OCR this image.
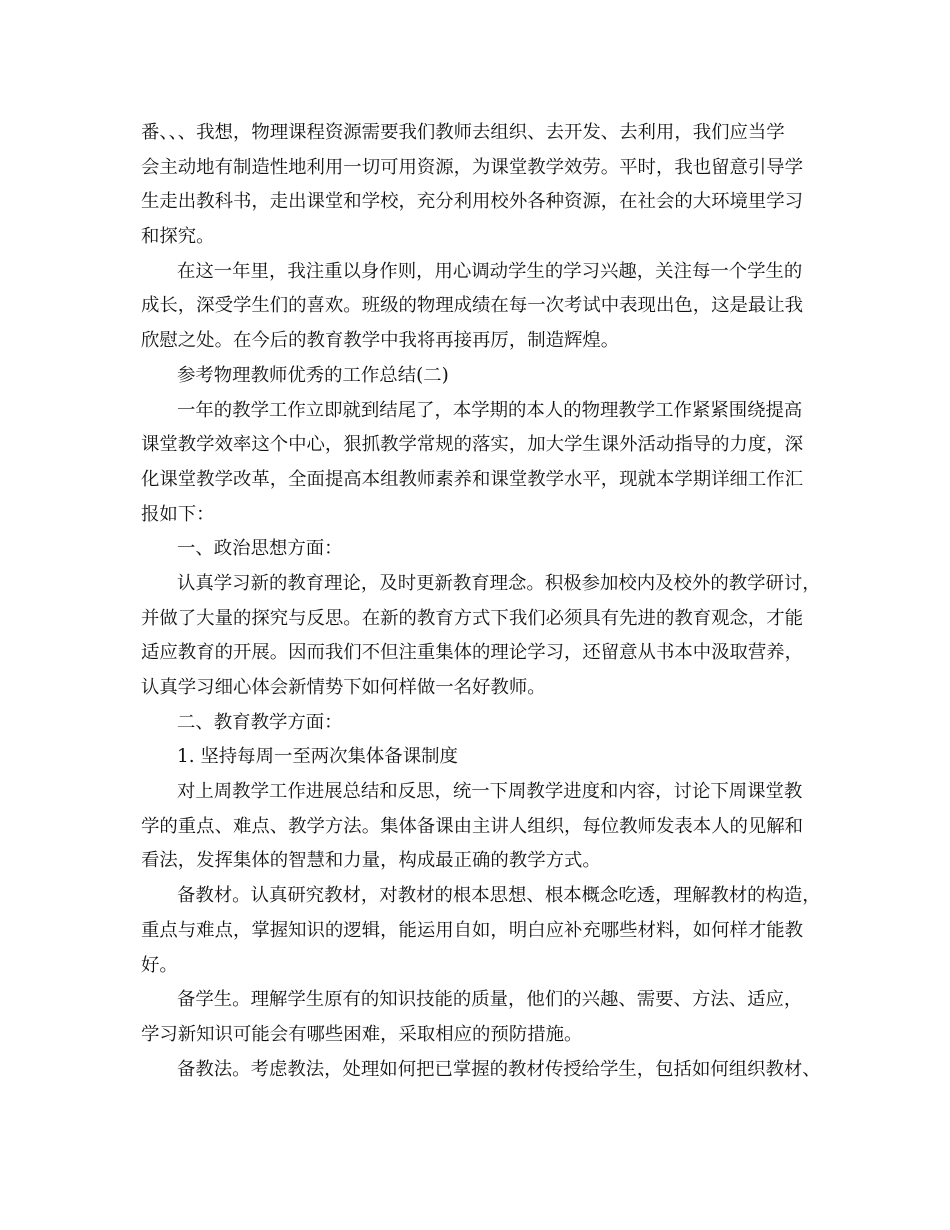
番、、、我想，物理课程资源需要我们教师去组织、去开发、去利用，我们应当学
会主动地有制造性地利用一切可用资源，为课堂教学效劳。平时，我也留意引导学
生走出教科书，走出课堂和学校，充分利用校外各种资源，在社会的大环境里学习
和探究。
在这一年里，我注重以身作则，用心调动学生的学习兴趣，关注每一个学生的
成长，深受学生们的喜欢。班级的物理成绩在每一次考试中表现出色，这是最让我
欣慰之处。在今后的教育教学中我将再接再厉，制造辉煌。
参考物理教师优秀的工作总结(二)
一年的教学工作立即就到结尾了，本学期的本人的物理教学工作紧紧围绕提高
课堂教学效率这个中心，狠抓教学常规的落实，加大学生课外活动指导的力度，深
化课堂教学改革，全面提高本组教师素养和课堂教学水平，现就本学期详细工作汇
报如下：
一、政治思想方面：
认真学习新的教育理论，及时更新教育理念。积极参加校内及校外的教学研讨，
并做了大量的探究与反思。在新的教育方式下我们必须具有先进的教育观念，才能
适应教育的开展。因而我们不但注重集体的理论学习，还留意从书本中汲取营养，
认真学习细心体会新情势下如何样做一名好教师。
二、教育教学方面：
1. 坚持每周一至两次集体备课制度
对上周教学工作进展总结和反思，统一下周教学进度和内容，讨论下周课堂教
学的重点、难点、教学方法。集体备课由主讲人组织，每位教师发表本人的见解和
看法，发挥集体的智慧和力量，构成最正确的教学方式。
备教材。认真研究教材，对教材的根本思想、根本概念吃透，理解教材的构造，
重点与难点，掌握知识的逻辑，能运用自如，明白应补充哪些材料，如何样才能教
好。
备学生。理解学生原有的知识技能的质量，他们的兴趣、需要、方法、适应，
学习新知识可能会有哪些困难，采取相应的预防措施。
备教法。考虑教法，处理如何把已掌握的教材传授给学生，包括如何组织教材、
